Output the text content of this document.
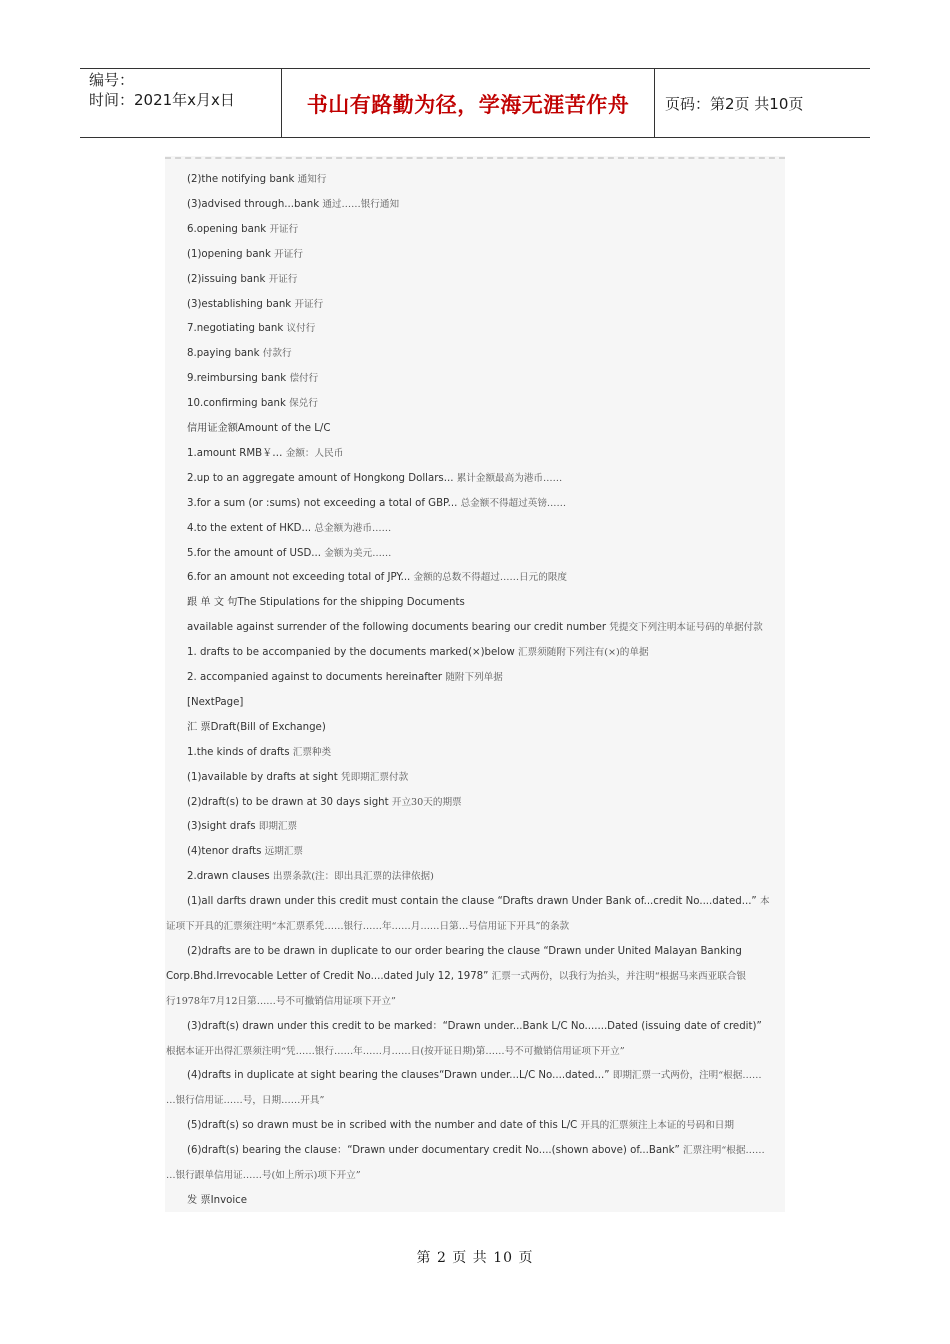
编号：
时间：2021年x月x日	书山有路勤为径，学海无涯苦作舟	页码：第2页 共10页
(2)the notifying bank 通知行
(3)advised through...bank 通过……银行通知
6.opening bank 开证行
(1)opening bank 开证行
(2)issuing bank 开证行
(3)establishing bank 开证行
7.negotiating bank 议付行
8.paying bank 付款行
9.reimbursing bank 偿付行
10.confirming bank 保兑行
信用证金额Amount of the L/C
1.amount RMB￥… 金额：人民币
2.up to an aggregate amount of Hongkong Dollars... 累计金额最高为港币……
3.for a sum (or :sums) not exceeding a total of GBP... 总金额不得超过英镑……
4.to the extent of HKD... 总金额为港币……
5.for the amount of USD... 金额为美元……
6.for an amount not exceeding total of JPY... 金额的总数不得超过……日元的限度
跟 单 文 句The Stipulations for the shipping Documents
available against surrender of the following documents bearing our credit number 凭提交下列注明本证号码的单据付款
1. drafts to be accompanied by the documents marked(×)below 汇票须随附下列注有(×)的单据
2. accompanied against to documents hereinafter 随附下列单据
[NextPage]
汇 票Draft(Bill of Exchange)
1.the kinds of drafts 汇票种类
(1)available by drafts at sight 凭即期汇票付款
(2)draft(s) to be drawn at 30 days sight 开立30天的期票
(3)sight drafs 即期汇票
(4)tenor drafts 远期汇票
2.drawn clauses 出票条款(注：即出具汇票的法律依据)
(1)all darfts drawn under this credit must contain the clause “Drafts drawn Under Bank of...credit No....dated...” 本
证项下开具的汇票须注明“本汇票系凭……银行……年……月……日第…号信用证下开具”的条款
(2)drafts are to be drawn in duplicate to our order bearing the clause “Drawn under United Malayan Banking
Corp.Bhd.Irrevocable Letter of Credit No....dated July 12, 1978” 汇票一式两份，以我行为抬头，并注明“根据马来西亚联合银
行1978年7月12日第……号不可撤销信用证项下开立”
(3)draft(s) drawn under this credit to be marked：“Drawn under...Bank L/C No.......Dated (issuing date of credit)”
根据本证开出得汇票须注明“凭……银行……年……月……日(按开证日期)第……号不可撤销信用证项下开立”
(4)drafts in duplicate at sight bearing the clauses“Drawn under...L/C No....dated...” 即期汇票一式两份，注明“根据……
…银行信用证……号，日期……开具”
(5)draft(s) so drawn must be in scribed with the number and date of this L/C 开具的汇票须注上本证的号码和日期
(6)draft(s) bearing the clause：“Drawn under documentary credit No....(shown above) of...Bank” 汇票注明“根据……
…银行跟单信用证……号(如上所示)项下开立”
发 票Invoice
第 2 页 共 10 页
